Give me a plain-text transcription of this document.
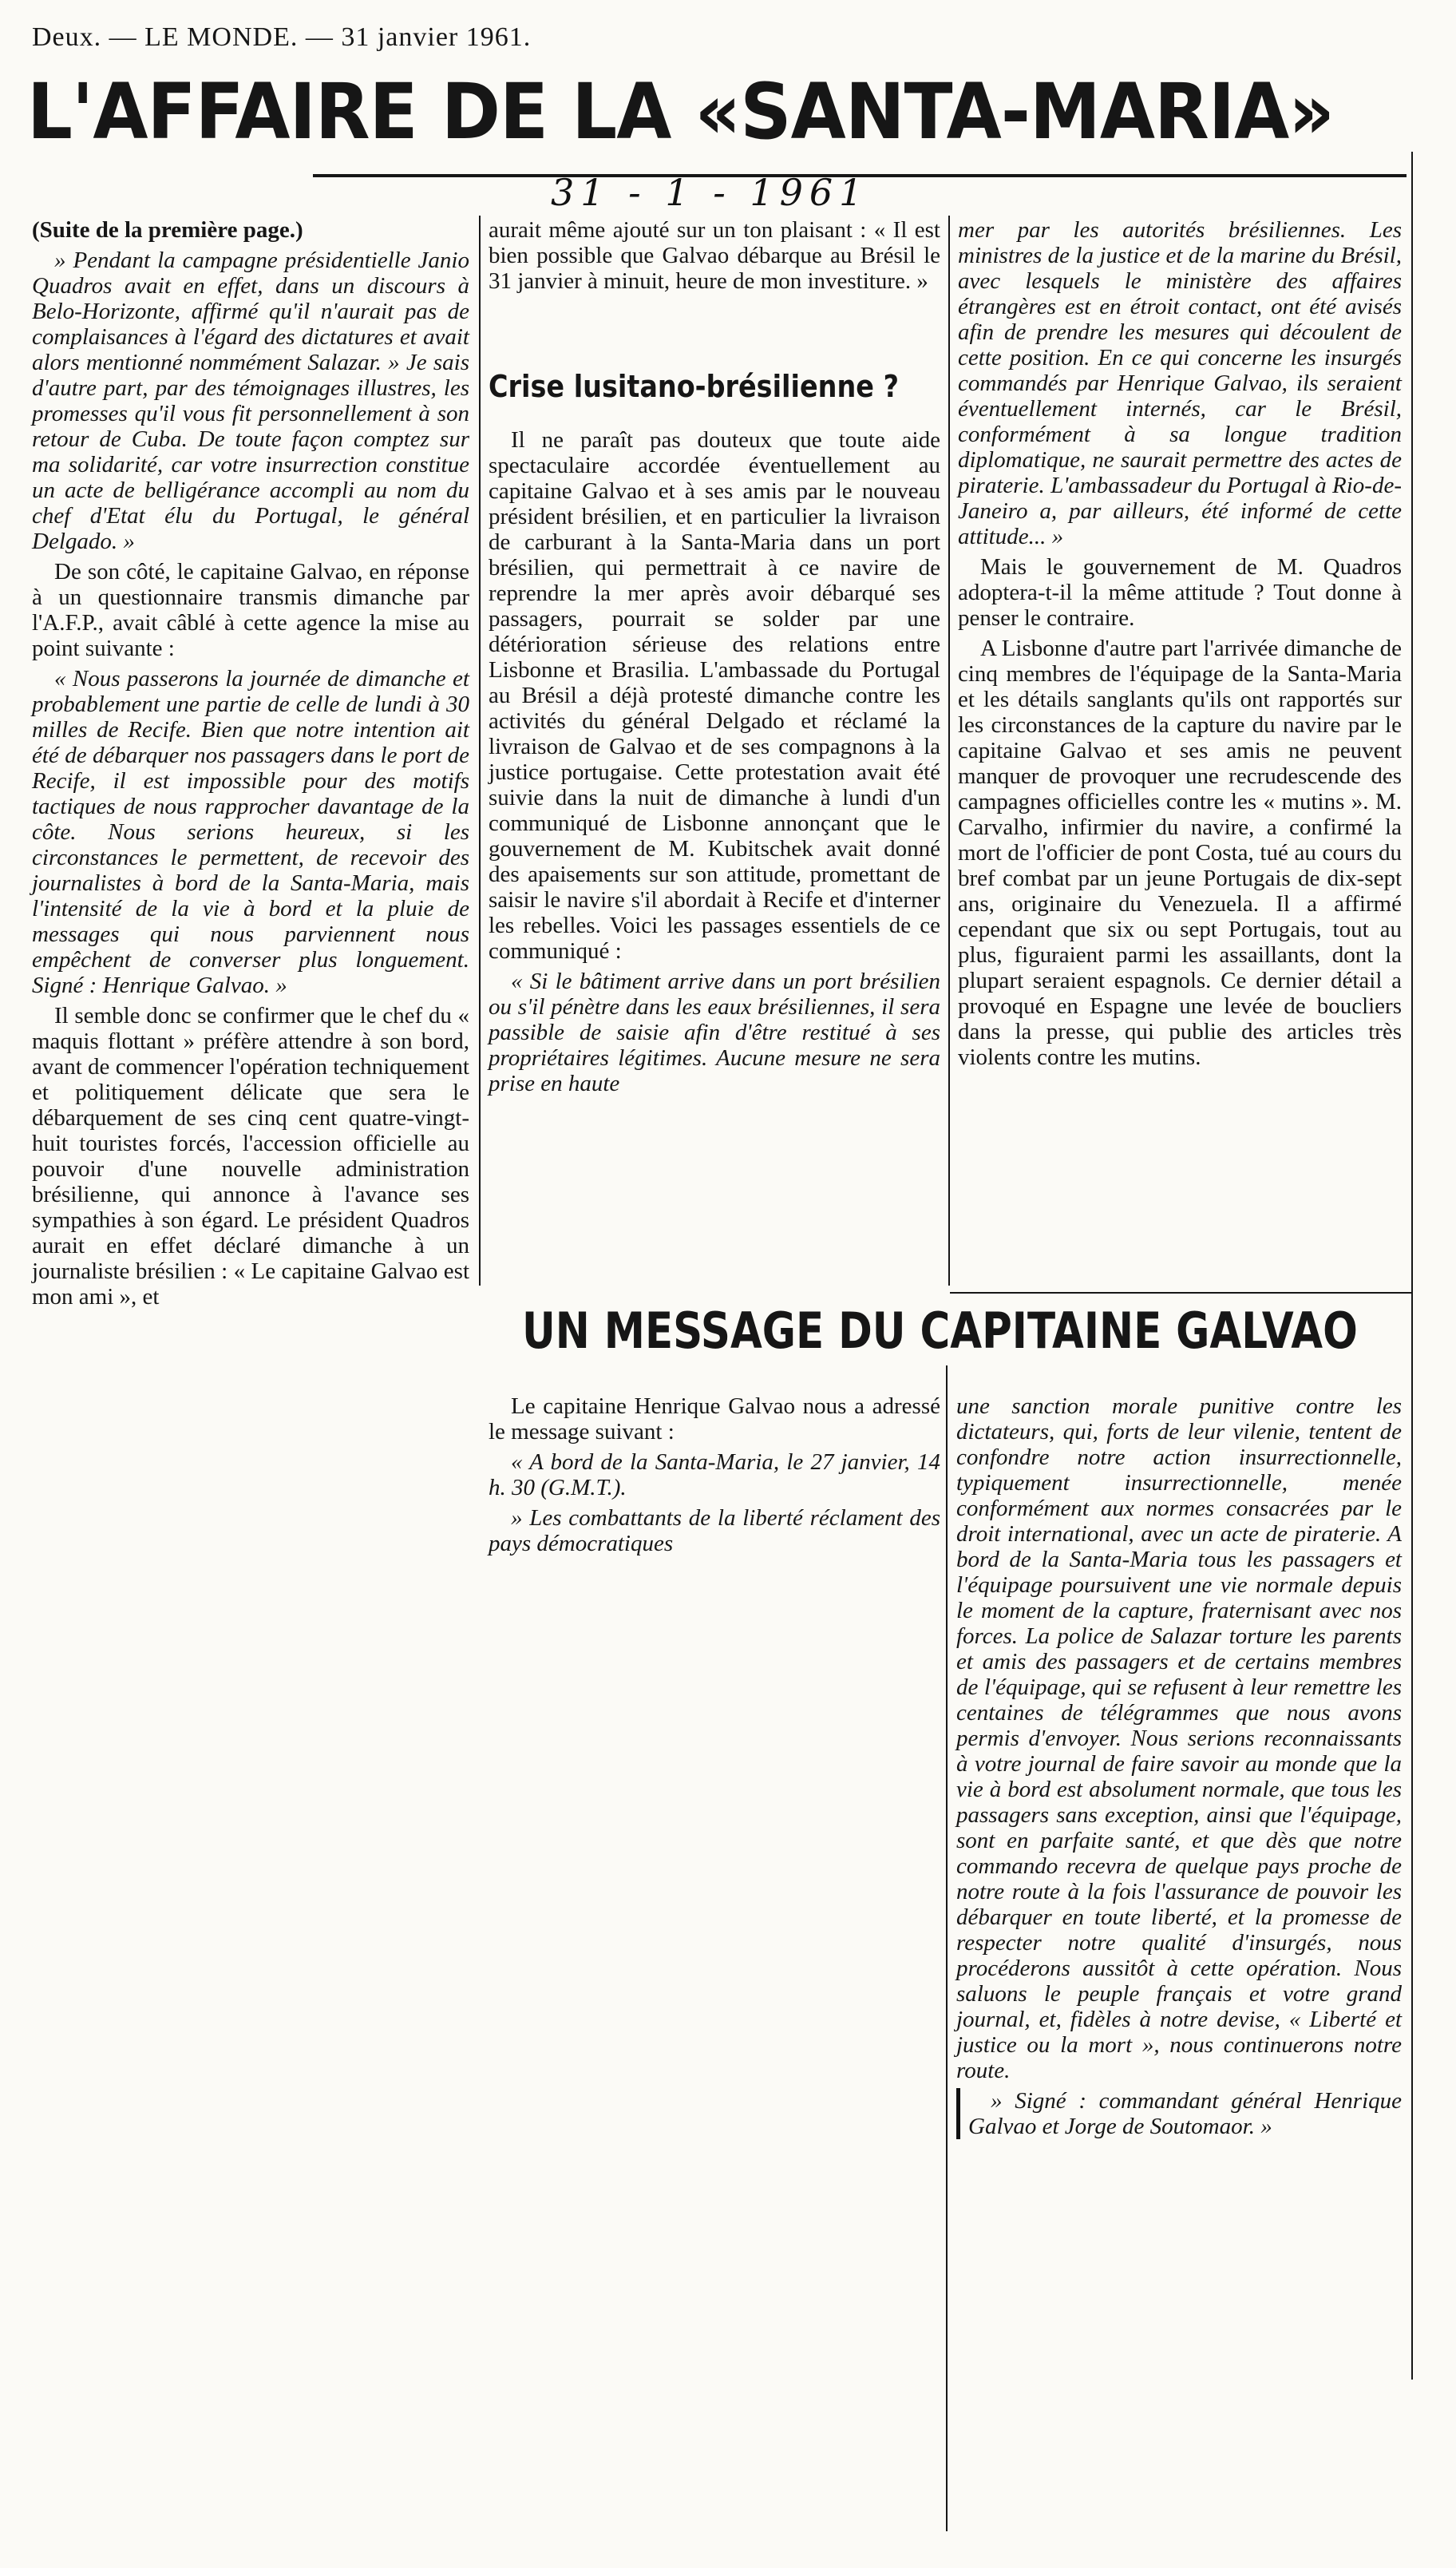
Deux. — LE MONDE. — 31 janvier 1961.
L'AFFAIRE DE LA «SANTA-MARIA»
31 - 1 - 1961

(Suite de la première page.)

» Pendant la campagne présidentielle Janio Quadros avait en effet, dans un discours à Belo-Horizonte, affirmé qu'il n'aurait pas de complaisances à l'égard des dictatures et avait alors mentionné nommément Salazar. » Je sais d'autre part, par des témoignages illustres, les promesses qu'il vous fit personnellement à son retour de Cuba. De toute façon comptez sur ma solidarité, car votre insurrection constitue un acte de belligérance accompli au nom du chef d'Etat élu du Portugal, le général Delgado. »

De son côté, le capitaine Galvao, en réponse à un questionnaire transmis dimanche par l'A.F.P., avait câblé à cette agence la mise au point suivante :

« Nous passerons la journée de dimanche et probablement une partie de celle de lundi à 30 milles de Recife. Bien que notre intention ait été de débarquer nos passagers dans le port de Recife, il est impossible pour des motifs tactiques de nous rapprocher davantage de la côte. Nous serions heureux, si les circonstances le permettent, de recevoir des journalistes à bord de la Santa-Maria, mais l'intensité de la vie à bord et la pluie de messages qui nous parviennent nous empêchent de converser plus longuement. Signé : Henrique Galvao. »

Il semble donc se confirmer que le chef du « maquis flottant » préfère attendre à son bord, avant de commencer l'opération techniquement et politiquement délicate que sera le débarquement de ses cinq cent quatre-vingt-huit touristes forcés, l'accession officielle au pouvoir d'une nouvelle administration brésilienne, qui annonce à l'avance ses sympathies à son égard. Le président Quadros aurait en effet déclaré dimanche à un journaliste brésilien : « Le capitaine Galvao est mon ami », et

aurait même ajouté sur un ton plaisant : « Il est bien possible que Galvao débarque au Brésil le 31 janvier à minuit, heure de mon investiture. »

Crise lusitano-brésilienne ?

Il ne paraît pas douteux que toute aide spectaculaire accordée éventuellement au capitaine Galvao et à ses amis par le nouveau président brésilien, et en particulier la livraison de carburant à la Santa-Maria dans un port brésilien, qui permettrait à ce navire de reprendre la mer après avoir débarqué ses passagers, pourrait se solder par une détérioration sérieuse des relations entre Lisbonne et Brasilia. L'ambassade du Portugal au Brésil a déjà protesté dimanche contre les activités du général Delgado et réclamé la livraison de Galvao et de ses compagnons à la justice portugaise. Cette protestation avait été suivie dans la nuit de dimanche à lundi d'un communiqué de Lisbonne annonçant que le gouvernement de M. Kubitschek avait donné des apaisements sur son attitude, promettant de saisir le navire s'il abordait à Recife et d'interner les rebelles. Voici les passages essentiels de ce communiqué :

« Si le bâtiment arrive dans un port brésilien ou s'il pénètre dans les eaux brésiliennes, il sera passible de saisie afin d'être restitué à ses propriétaires légitimes. Aucune mesure ne sera prise en haute

mer par les autorités brésiliennes. Les ministres de la justice et de la marine du Brésil, avec lesquels le ministère des affaires étrangères est en étroit contact, ont été avisés afin de prendre les mesures qui découlent de cette position. En ce qui concerne les insurgés commandés par Henrique Galvao, ils seraient éventuellement internés, car le Brésil, conformément à sa longue tradition diplomatique, ne saurait permettre des actes de piraterie. L'ambassadeur du Portugal à Rio-de-Janeiro a, par ailleurs, été informé de cette attitude... »

Mais le gouvernement de M. Quadros adoptera-t-il la même attitude ? Tout donne à penser le contraire.

A Lisbonne d'autre part l'arrivée dimanche de cinq membres de l'équipage de la Santa-Maria et les détails sanglants qu'ils ont rapportés sur les circonstances de la capture du navire par le capitaine Galvao et ses amis ne peuvent manquer de provoquer une recrudescende des campagnes officielles contre les « mutins ». M. Carvalho, infirmier du navire, a confirmé la mort de l'officier de pont Costa, tué au cours du bref combat par un jeune Portugais de dix-sept ans, originaire du Venezuela. Il a affirmé cependant que six ou sept Portugais, tout au plus, figuraient parmi les assaillants, dont la plupart seraient espagnols. Ce dernier détail a provoqué en Espagne une levée de boucliers dans la presse, qui publie des articles très violents contre les mutins.

UN MESSAGE DU CAPITAINE GALVAO

Le capitaine Henrique Galvao nous a adressé le message suivant :

« A bord de la Santa-Maria, le 27 janvier, 14 h. 30 (G.M.T.).

» Les combattants de la liberté réclament des pays démocratiques

une sanction morale punitive contre les dictateurs, qui, forts de leur vilenie, tentent de confondre notre action insurrectionnelle, typiquement insurrectionnelle, menée conformément aux normes consacrées par le droit international, avec un acte de piraterie. A bord de la Santa-Maria tous les passagers et l'équipage poursuivent une vie normale depuis le moment de la capture, fraternisant avec nos forces. La police de Salazar torture les parents et amis des passagers et de certains membres de l'équipage, qui se refusent à leur remettre les centaines de télégrammes que nous avons permis d'envoyer. Nous serions reconnaissants à votre journal de faire savoir au monde que la vie à bord est absolument normale, que tous les passagers sans exception, ainsi que l'équipage, sont en parfaite santé, et que dès que notre commando recevra de quelque pays proche de notre route à la fois l'assurance de pouvoir les débarquer en toute liberté, et la promesse de respecter notre qualité d'insurgés, nous procéderons aussitôt à cette opération. Nous saluons le peuple français et votre grand journal, et, fidèles à notre devise, « Liberté et justice ou la mort », nous continuerons notre route.

» Signé : commandant général Henrique Galvao et Jorge de Soutomaor. »
